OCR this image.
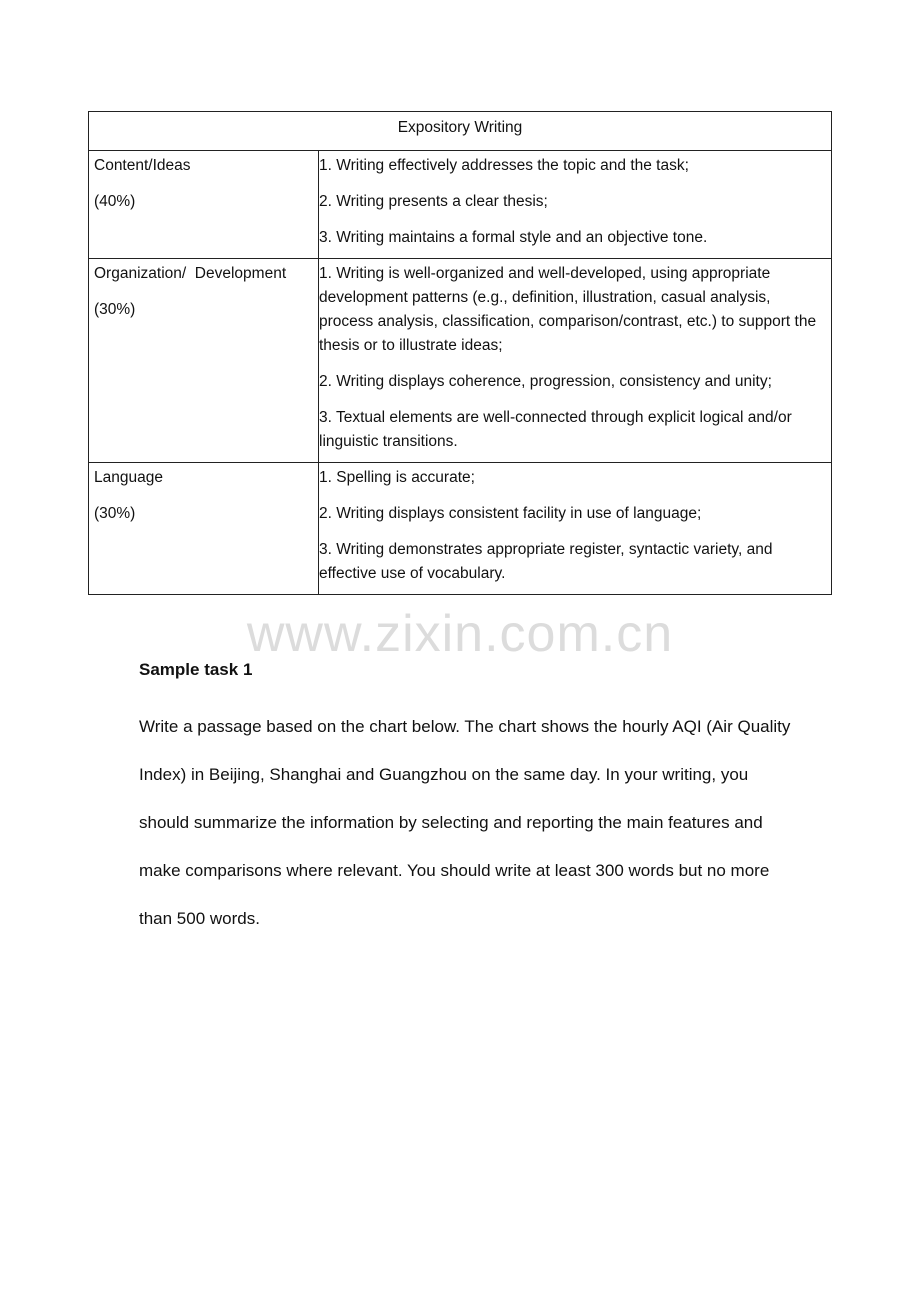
Expository Writing	

Content/Ideas
(40%)	1. Writing effectively addresses the topic and the task;
2. Writing presents a clear thesis;
3. Writing maintains a formal style and an objective tone.

Organization/  Development
(30%)	1. Writing is well-organized and well-developed, using appropriate development patterns (e.g., definition, illustration, casual analysis, process analysis, classification, comparison/contrast, etc.) to support the thesis or to illustrate ideas;
2. Writing displays coherence, progression, consistency and unity;
3. Textual elements are well-connected through explicit logical and/or linguistic transitions.

Language
(30%)	1. Spelling is accurate;
2. Writing displays consistent facility in use of language;
3. Writing demonstrates appropriate register, syntactic variety, and effective use of vocabulary.
www.zixin.com.cn

Sample task 1

Write a passage based on the chart below. The chart shows the hourly AQI (Air Quality Index) in Beijing, Shanghai and Guangzhou on the same day. In your writing, you should summarize the information by selecting and reporting the main features and make comparisons where relevant. You should write at least 300 words but no more than 500 words.
